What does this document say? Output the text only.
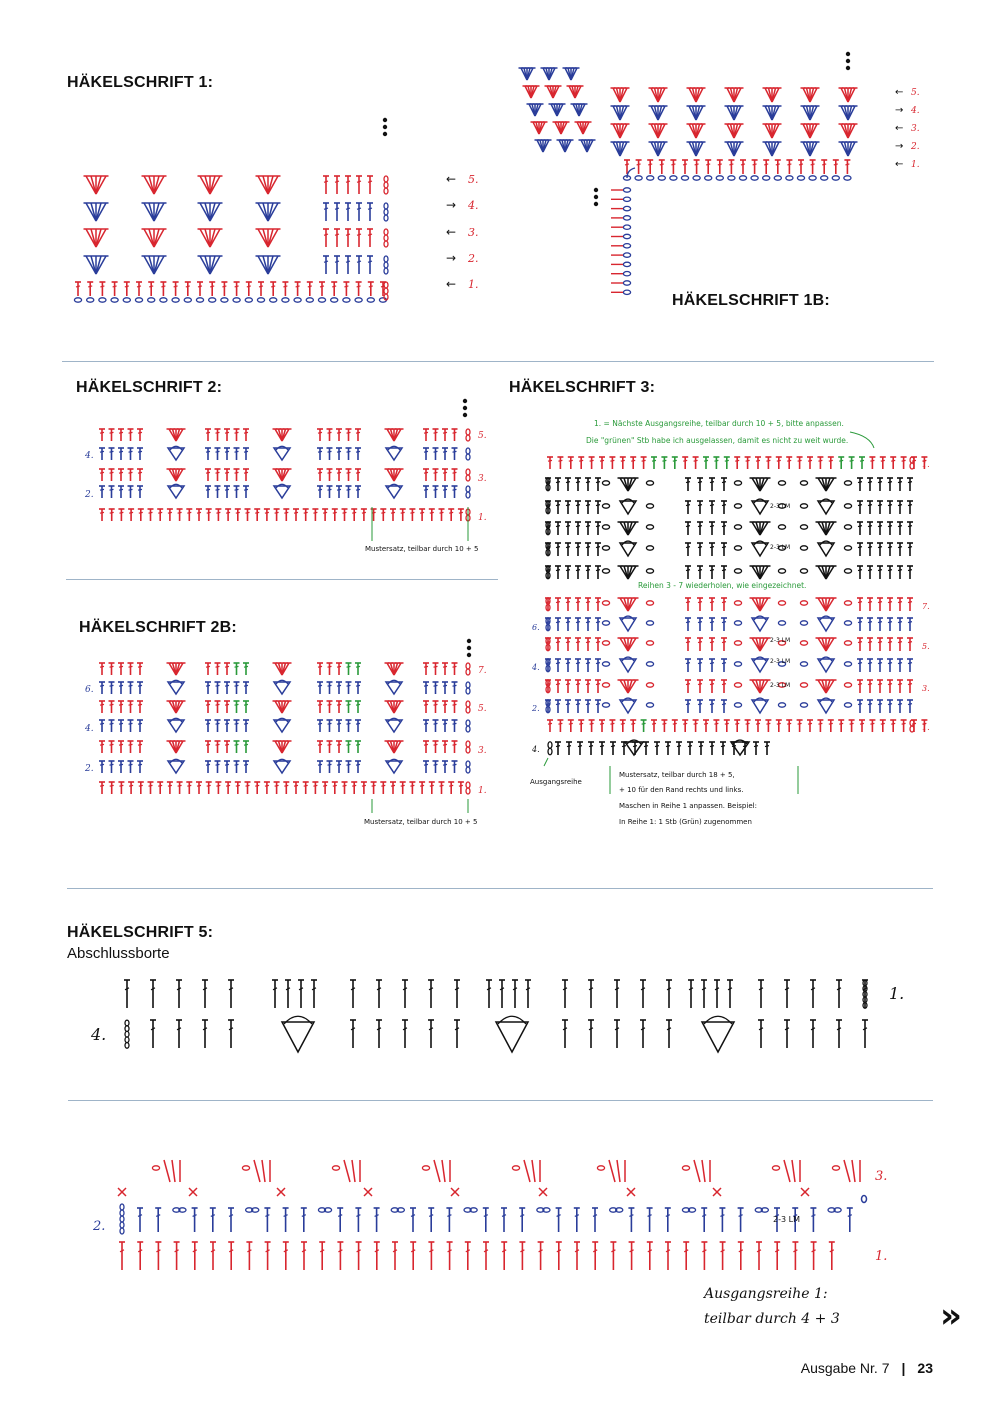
HÄKELSCHRIFT 1:
← 1.
→ 2.
← 3.
→ 4.
← 5.
← 1.
→ 2.
← 3.
→ 4.
← 5.
HÄKELSCHRIFT 1B:
HÄKELSCHRIFT 2:
1.
3.
5.
2.
4.
Mustersatz, teilbar durch 10 + 5
HÄKELSCHRIFT 2B:
1.
3.
5.
7.
2.
4.
6.
Mustersatz, teilbar durch 10 + 5
HÄKELSCHRIFT 3:
1. = Nächste Ausgangsreihe, teilbar durch 10 + 5, bitte anpassen.
Die "grünen" Stb habe ich ausgelassen, damit es nicht zu weit wurde.
1.
2-3 LM
2-3 LM
Reihen 3 - 7 wiederholen, wie eingezeichnet.
2-3 LM
2-3 LM
2-3 LM
4.
1.
3.
5.
7.
2.
4.
6.
Ausgangsreihe
Mustersatz, teilbar durch 18 + 5,
+ 10 für den Rand rechts und links.
Maschen in Reihe 1 anpassen. Beispiel:
In Reihe 1: 1 Stb (Grün) zugenommen
HÄKELSCHRIFT 5:
Abschlussborte
1.
4.
3.
2-3 LM
2.
1.
Ausgangsreihe 1:
teilbar durch 4 + 3	»
Ausgabe Nr. 7 | 23
